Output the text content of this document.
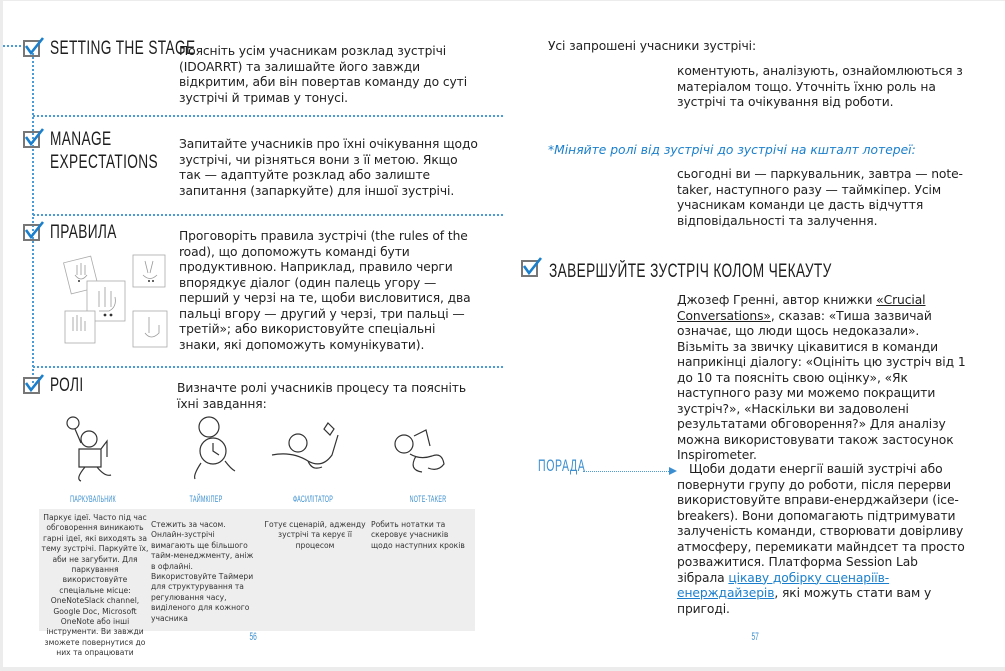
SETTING THE STAGE
Поясніть усім учасникам розклад зустрічі (IDOARRT) та залишайте його завжди відкритим, аби він повертав команду до суті зустрічі й тримав у тонусі.
MANAGE
EXPECTATIONS
Запитайте учасників про їхні очікування щодо зустрічі, чи різняться вони з її метою. Якщо так — адаптуйте розклад або залиште запитання (запаркуйте) для іншої зустрічі.
ПРАВИЛА	Проговоріть правила зустрічі (the rules of the road), що допоможуть команді бути продуктивною. Наприклад, правило черги впорядкує діалог (один палець угору — перший у черзі на те, щоби висловитися, два пальці вгору — другий у черзі, три пальці — третій»; або використовуйте спеціальні знаки, які допоможуть комунікувати).
РОЛІ	Визначте ролі учасників процесу та поясніть їхні завдання:
ПАРКУВАЛЬНИК	ТАЙМКІПЕР	ФАСИЛІТАТОР	NOTE-TAKER
Паркує ідеї. Часто під час обговорення виникають гарні ідеї, які виходять за тему зустрічі. Паркуйте їх, аби не загубити. Для паркування використовуйте спеціальне місце: OneNoteSlack channel, Google Doc, Microsoft OneNote або інші інструменти. Ви завжди зможете повернутися до них та опрацювати
Стежить за часом. Онлайн-зустрічі вимагають ще більшого тайм-менеджменту, аніж в офлайні. Використовуйте Таймери для структурування та регулювання часу, виділеного для кожного учасника
Готує сценарій, адженду зустрічі та керує її процесом
Робить нотатки та скеровує учасників щодо наступних кроків
56
Усі запрошені учасники зустрічі:
коментують, аналізують, ознайомлюються з матеріалом тощо. Уточніть їхню роль на зустрічі та очікування від роботи.
*Міняйте ролі від зустрічі до зустрічі на кшталт лотереї:
сьогодні ви — паркувальник, завтра — note-taker, наступного разу — таймкіпер. Усім учасникам команди це дасть відчуття відповідальності та залучення.
ЗАВЕРШУЙТЕ ЗУСТРІЧ КОЛОМ ЧЕКАУТУ
Джозеф Гренні, автор книжки «Crucial Conversations», сказав: «Тиша зазвичай означає, що люди щось недоказали». Візьміть за звичку цікавитися в команди наприкінці діалогу: «Оцініть цю зустріч від 1 до 10 та поясніть свою оцінку», «Як наступного разу ми можемо покращити зустріч?», «Наскільки ви задоволені результатами обговорення?» Для аналізу можна використовувати також застосунок Inspirometer.
ПОРАДА	Щоби додати енергії вашій зустрічі або повернути групу до роботи, після перерви використовуйте вправи-енерджайзери (ice-breakers). Вони допомагають підтримувати залученість команди, створювати довірливу атмосферу, перемикати майндсет та просто розважитися. Платформа Session Lab зібрала цікаву добірку сценаріїв-енерждайзерів, які можуть стати вам у пригоді.
57
